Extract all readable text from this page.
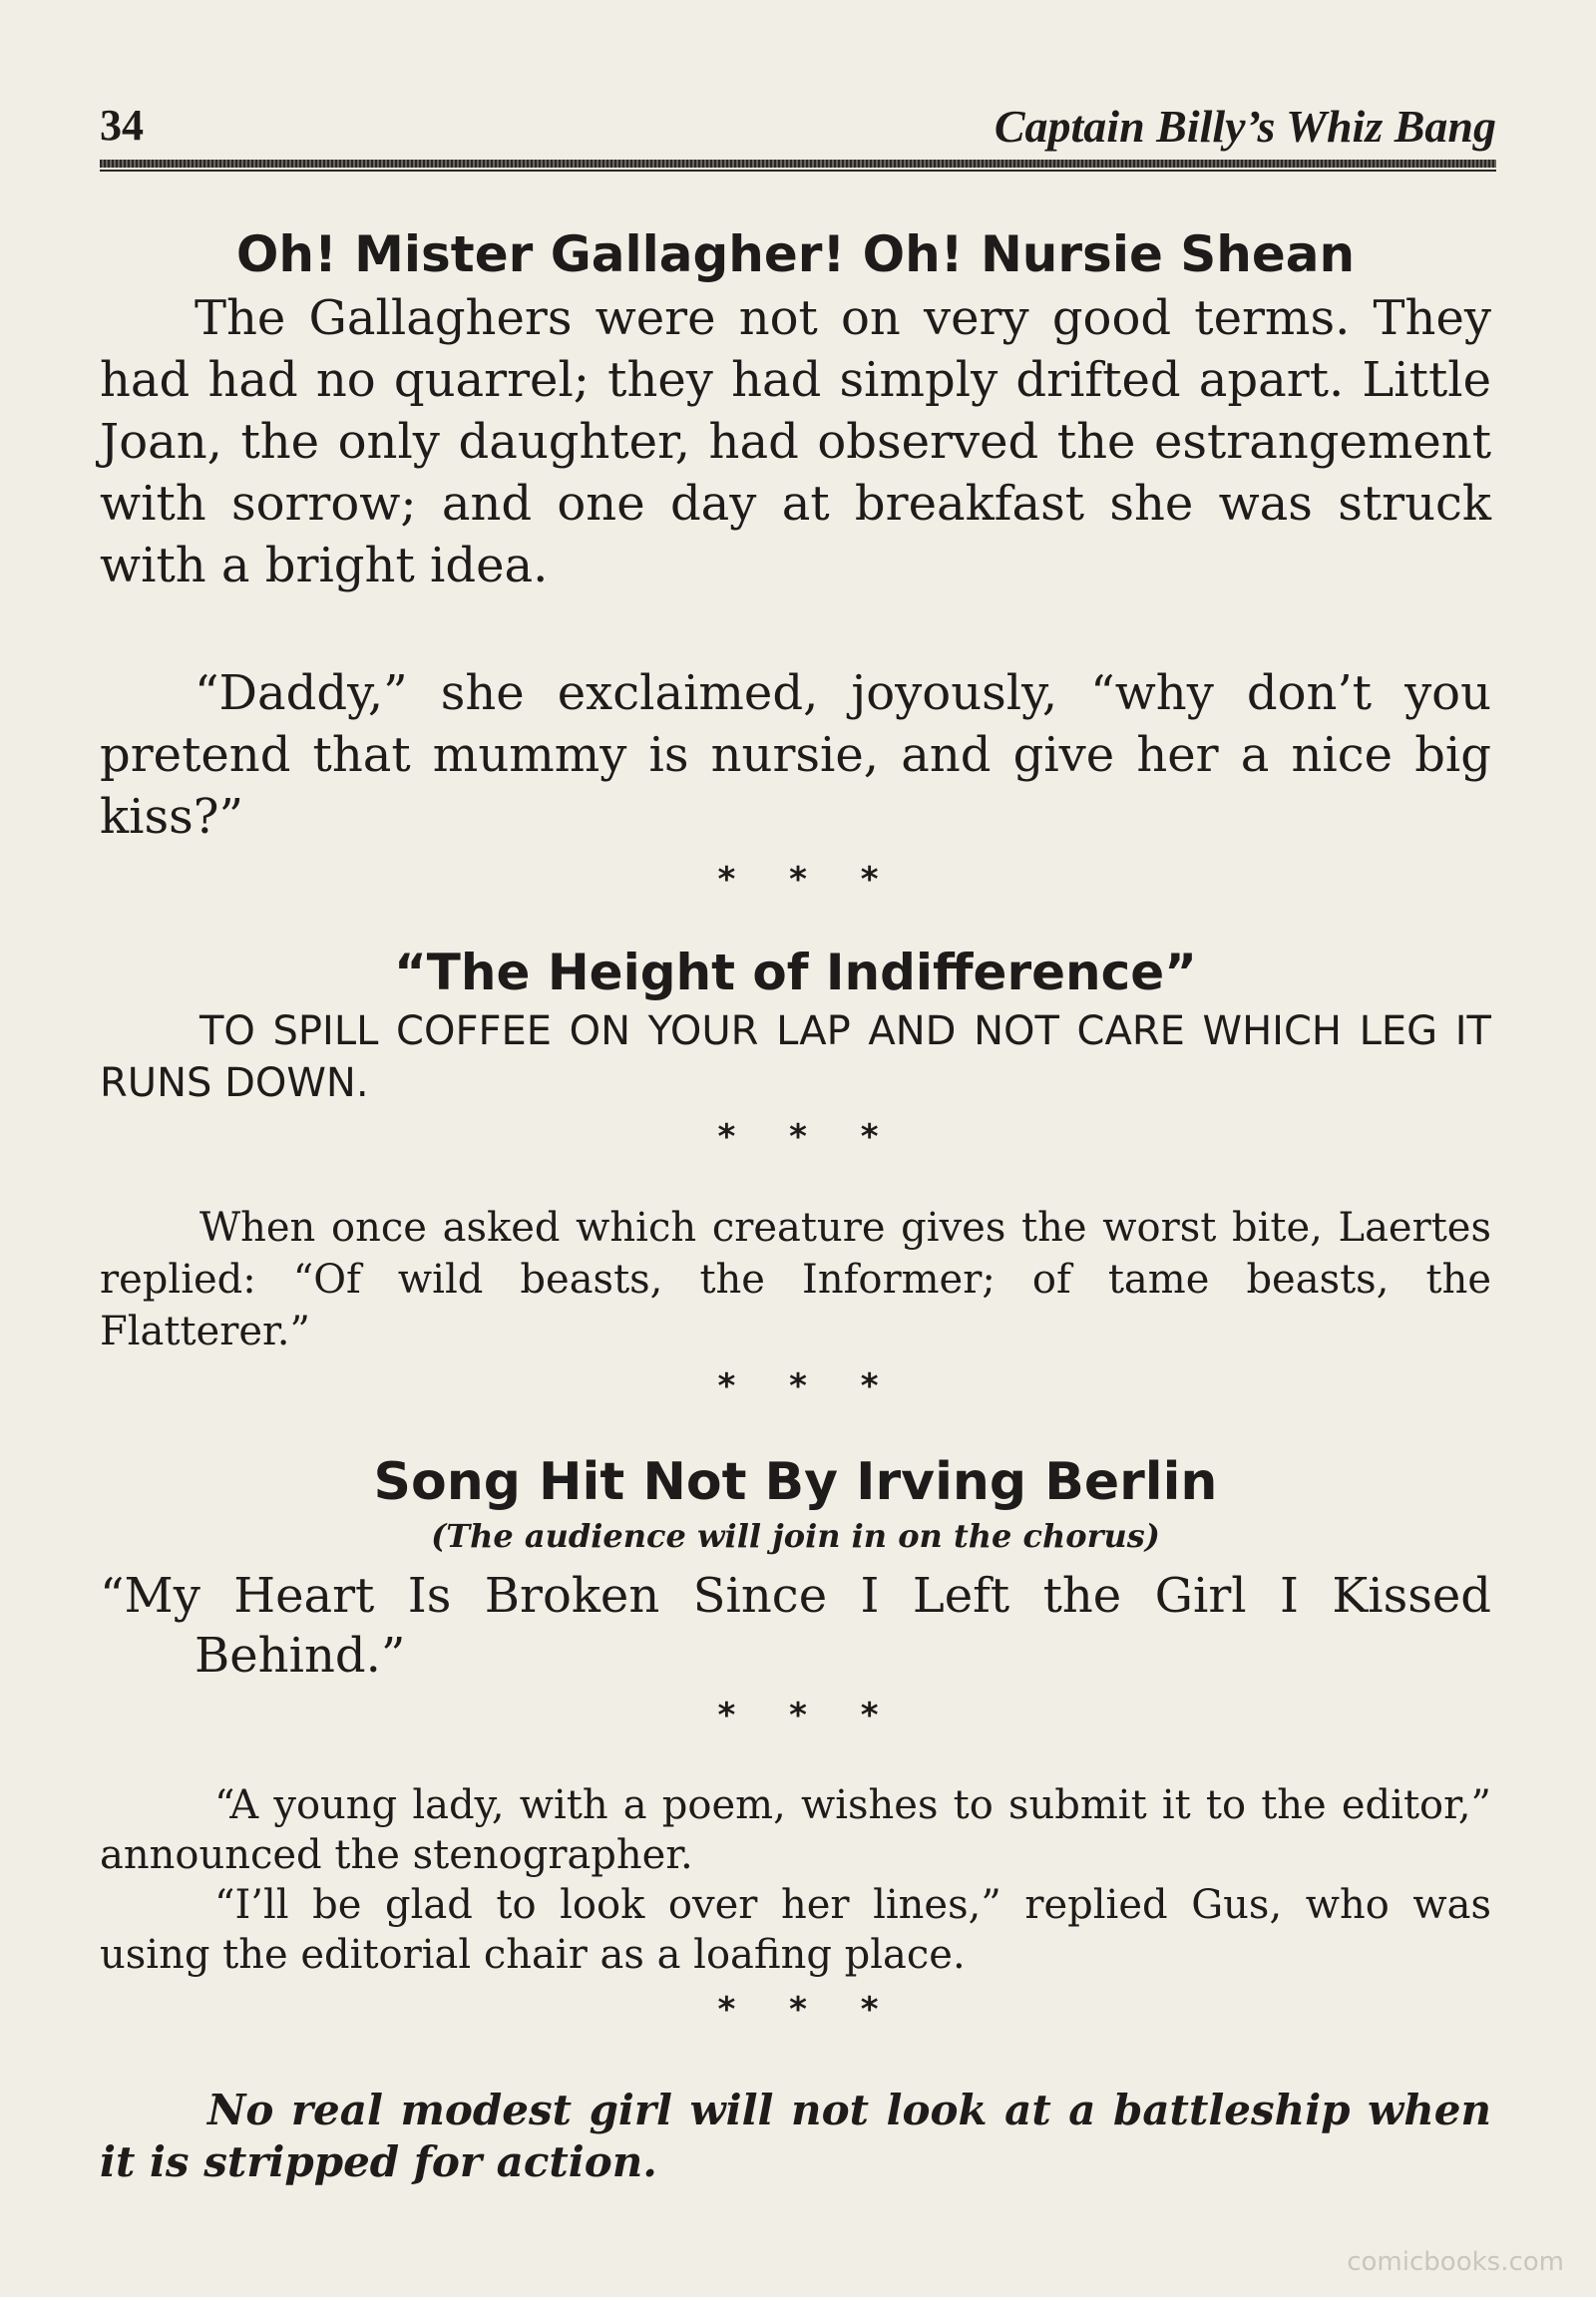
34	Captain Billy’s Whiz Bang
Oh! Mister Gallagher! Oh! Nursie Shean
The Gallaghers were not on very good terms. They had had no quarrel; they had simply drifted apart. Little Joan, the only daughter, had observed the estrangement with sorrow; and one day at breakfast she was struck with a bright idea.
“Daddy,” she exclaimed, joyously, “why don’t you pretend that mummy is nursie, and give her a nice big kiss?”
* * *
“The Height of Indifference”
TO SPILL COFFEE ON YOUR LAP AND NOT CARE WHICH LEG IT RUNS DOWN.
* * *
When once asked which creature gives the worst bite, Laertes replied: “Of wild beasts, the Informer; of tame beasts, the Flatterer.”
* * *
Song Hit Not By Irving Berlin
(The audience will join in on the chorus)
“My Heart Is Broken Since I Left the Girl I Kissed Behind.”
* * *
“A young lady, with a poem, wishes to submit it to the editor,” announced the stenographer.
“I’ll be glad to look over her lines,” replied Gus, who was using the editorial chair as a loafing place.
* * *
No real modest girl will not look at a battleship when it is stripped for action.
comicbooks.com
